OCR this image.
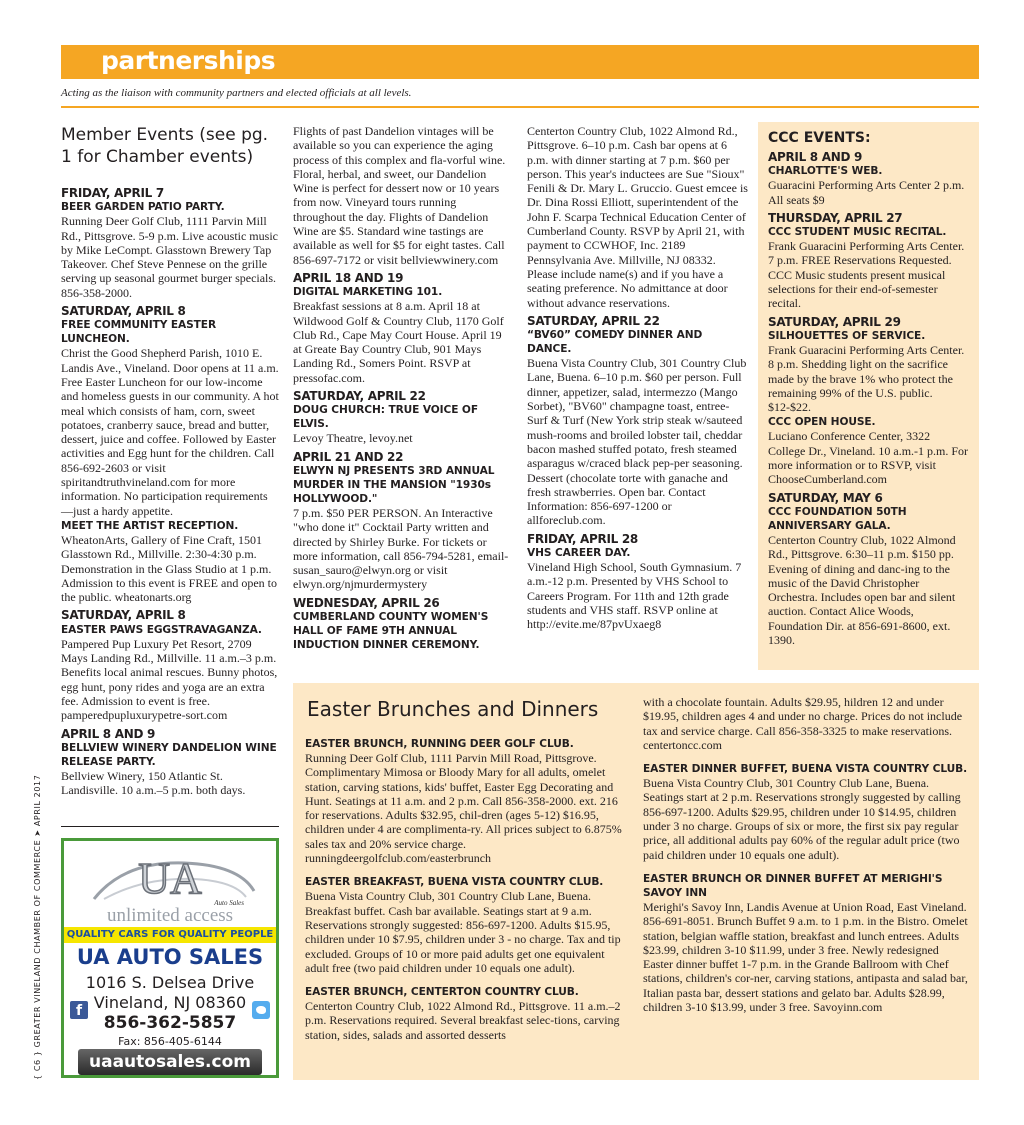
partnerships
Acting as the liaison with community partners and elected officials at all levels.
Member Events (see pg. 1 for Chamber events)
FRIDAY, APRIL 7
BEER GARDEN PATIO PARTY.

Running Deer Golf Club, 1111 Parvin Mill Rd., Pittsgrove. 5-9 p.m. Live acoustic music by Mike LeCompt. Glasstown Brewery Tap Takeover. Chef Steve Pennese on the grille serving up seasonal gourmet burger specials. 856-358-2000.

SATURDAY, APRIL 8
FREE COMMUNITY EASTER LUNCHEON.

Christ the Good Shepherd Parish, 1010 E. Landis Ave., Vineland. Door opens at 11 a.m. Free Easter Luncheon for our low-income and homeless guests in our community. A hot meal which consists of ham, corn, sweet potatoes, cranberry sauce, bread and butter, dessert, juice and coffee. Followed by Easter activities and Egg hunt for the children. Call 856-692-2603 or visit spiritandtruthvineland.com for more information. No participation requirements—just a hardy appetite.

MEET THE ARTIST RECEPTION.

WheatonArts, Gallery of Fine Craft, 1501 Glasstown Rd., Millville. 2:30-4:30 p.m. Demonstration in the Glass Studio at 1 p.m. Admission to this event is FREE and open to the public. wheatonarts.org

SATURDAY, APRIL 8
EASTER PAWS EGGSTRAVAGANZA.

Pampered Pup Luxury Pet Resort, 2709 Mays Landing Rd., Millville. 11 a.m.–3 p.m. Benefits local animal rescues. Bunny photos, egg hunt, pony rides and yoga are an extra fee. Admission to event is free. pamperedpupluxurypetre-sort.com

APRIL 8 AND 9
BELLVIEW WINERY DANDELION WINE RELEASE PARTY.

Bellview Winery, 150 Atlantic St. Landisville. 10 a.m.–5 p.m. both days.

Flights of past Dandelion vintages will be available so you can experience the aging process of this complex and fla-vorful wine. Floral, herbal, and sweet, our Dandelion Wine is perfect for dessert now or 10 years from now. Vineyard tours running throughout the day. Flights of Dandelion Wine are $5. Standard wine tastings are available as well for $5 for eight tastes. Call 856-697-7172 or visit bellviewwinery.com

APRIL 18 AND 19
DIGITAL MARKETING 101.

Breakfast sessions at 8 a.m. April 18 at Wildwood Golf & Country Club, 1170 Golf Club Rd., Cape May Court House. April 19 at Greate Bay Country Club, 901 Mays Landing Rd., Somers Point. RSVP at pressofac.com.

SATURDAY, APRIL 22
DOUG CHURCH: TRUE VOICE OF ELVIS.

Levoy Theatre, levoy.net

APRIL 21 AND 22
ELWYN NJ PRESENTS 3RD ANNUAL MURDER IN THE MANSION "1930s HOLLYWOOD."

7 p.m. $50 PER PERSON. An Interactive "who done it" Cocktail Party written and directed by Shirley Burke. For tickets or more information, call 856-794-5281, email-susan_sauro@elwyn.org or visit elwyn.org/njmurdermystery

WEDNESDAY, APRIL 26
CUMBERLAND COUNTY WOMEN'S HALL OF FAME 9TH ANNUAL INDUCTION DINNER CEREMONY.

Centerton Country Club, 1022 Almond Rd., Pittsgrove. 6–10 p.m. Cash bar opens at 6 p.m. with dinner starting at 7 p.m. $60 per person. This year's inductees are Sue "Sioux" Fenili & Dr. Mary L. Gruccio. Guest emcee is Dr. Dina Rossi Elliott, superintendent of the John F. Scarpa Technical Education Center of Cumberland County. RSVP by April 21, with payment to CCWHOF, Inc. 2189 Pennsylvania Ave. Millville, NJ 08332. Please include name(s) and if you have a seating preference. No admittance at door without advance reservations.

SATURDAY, APRIL 22
“BV60” COMEDY DINNER AND DANCE.

Buena Vista Country Club, 301 Country Club Lane, Buena. 6–10 p.m. $60 per person. Full dinner, appetizer, salad, intermezzo (Mango Sorbet), "BV60" champagne toast, entree-Surf & Turf (New York strip steak w/sauteed mush-rooms and broiled lobster tail, cheddar bacon mashed stuffed potato, fresh steamed asparagus w/craced black pep-per seasoning. Dessert (chocolate torte with ganache and fresh strawberries. Open bar. Contact Information: 856-697-1200 or allforeclub.com.

FRIDAY, APRIL 28
VHS CAREER DAY.

Vineland High School, South Gymnasium. 7 a.m.-12 p.m. Presented by VHS School to Careers Program. For 11th and 12th grade students and VHS staff. RSVP online at http://evite.me/87pvUxaeg8

CCC EVENTS:
APRIL 8 AND 9
CHARLOTTE'S WEB.

Guaracini Performing Arts Center 2 p.m. All seats $9

THURSDAY, APRIL 27
CCC STUDENT MUSIC RECITAL.

Frank Guaracini Performing Arts Center. 7 p.m. FREE Reservations Requested. CCC Music students present musical selections for their end-of-semester recital.

SATURDAY, APRIL 29
SILHOUETTES OF SERVICE.

Frank Guaracini Performing Arts Center. 8 p.m. Shedding light on the sacrifice made by the brave 1% who protect the remaining 99% of the U.S. public. $12-$22.

CCC OPEN HOUSE.

Luciano Conference Center, 3322 College Dr., Vineland. 10 a.m.-1 p.m. For more information or to RSVP, visit ChooseCumberland.com

SATURDAY, MAY 6
CCC FOUNDATION 50TH ANNIVERSARY GALA.

Centerton Country Club, 1022 Almond Rd., Pittsgrove. 6:30–11 p.m. $150 pp. Evening of dining and danc-ing to the music of the David Christopher Orchestra. Includes open bar and silent auction. Contact Alice Woods, Foundation Dir. at 856-691-8600, ext. 1390.

Easter Brunches and Dinners
EASTER BRUNCH, RUNNING DEER GOLF CLUB.

Running Deer Golf Club, 1111 Parvin Mill Road, Pittsgrove. Complimentary Mimosa or Bloody Mary for all adults, omelet station, carving stations, kids' buffet, Easter Egg Decorating and Hunt. Seatings at 11 a.m. and 2 p.m. Call 856-358-2000. ext. 216 for reservations. Adults $32.95, chil-dren (ages 5-12) $16.95, children under 4 are complimenta-ry. All prices subject to 6.875% sales tax and 20% service charge. runningdeergolfclub.com/easterbrunch

EASTER BREAKFAST, BUENA VISTA COUNTRY CLUB.

Buena Vista Country Club, 301 Country Club Lane, Buena. Breakfast buffet. Cash bar available. Seatings start at 9 a.m. Reservations strongly suggested: 856-697-1200. Adults $15.95, children under 10 $7.95, children under 3 - no charge. Tax and tip excluded. Groups of 10 or more paid adults get one equivalent adult free (two paid children under 10 equals one adult).

EASTER BRUNCH, CENTERTON COUNTRY CLUB.

Centerton Country Club, 1022 Almond Rd., Pittsgrove. 11 a.m.–2 p.m. Reservations required. Several breakfast selec-tions, carving station, sides, salads and assorted desserts

with a chocolate fountain. Adults $29.95, hildren 12 and under $19.95, children ages 4 and under no charge. Prices do not include tax and service charge. Call 856-358-3325 to make reservations. centertoncc.com

EASTER DINNER BUFFET, BUENA VISTA COUNTRY CLUB.

Buena Vista Country Club, 301 Country Club Lane, Buena. Seatings start at 2 p.m. Reservations strongly suggested by calling 856-697-1200. Adults $29.95, children under 10 $14.95, children under 3 no charge. Groups of six or more, the first six pay regular price, all additional adults pay 60% of the regular adult price (two paid children under 10 equals one adult).

EASTER BRUNCH OR DINNER BUFFET AT MERIGHI'S SAVOY INN

Merighi's Savoy Inn, Landis Avenue at Union Road, East Vineland. 856-691-8051. Brunch Buffet 9 a.m. to 1 p.m. in the Bistro. Omelet station, belgian waffle station, breakfast and lunch entrees. Adults $23.99, children 3-10 $11.99, under 3 free. Newly redesigned Easter dinner buffet 1-7 p.m. in the Grande Ballroom with Chef stations, children's cor-ner, carving stations, antipasta and salad bar, Italian pasta bar, dessert stations and gelato bar. Adults $28.99, children 3-10 $13.99, under 3 free. Savoyinn.com

UA Auto Sales
unlimited access
QUALITY CARS FOR QUALITY PEOPLE
UA AUTO SALES
1016 S. Delsea Drive
Vineland, NJ 08360
f
856-362-5857
Fax: 856-405-6144
uaautosales.com
{ C6 } GREATER VINELAND CHAMBER OF COMMERCE ➤ APRIL 2017
